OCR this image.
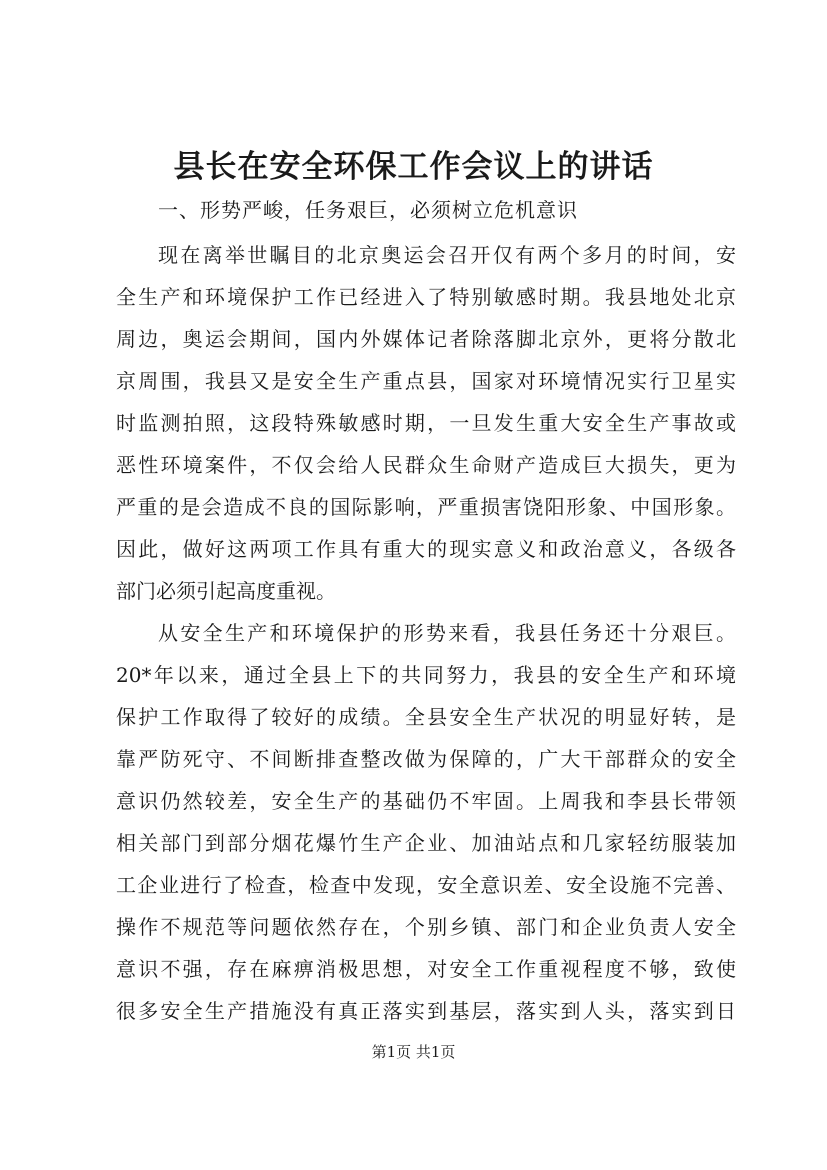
县长在安全环保工作会议上的讲话

一、形势严峻，任务艰巨，必须树立危机意识

现在离举世瞩目的北京奥运会召开仅有两个多月的时间，安

全生产和环境保护工作已经进入了特别敏感时期。我县地处北京

周边，奥运会期间，国内外媒体记者除落脚北京外，更将分散北

京周围，我县又是安全生产重点县，国家对环境情况实行卫星实

时监测拍照，这段特殊敏感时期，一旦发生重大安全生产事故或

恶性环境案件，不仅会给人民群众生命财产造成巨大损失，更为

严重的是会造成不良的国际影响，严重损害饶阳形象、中国形象。

因此，做好这两项工作具有重大的现实意义和政治意义，各级各

部门必须引起高度重视。

从安全生产和环境保护的形势来看，我县任务还十分艰巨。

20*年以来，通过全县上下的共同努力，我县的安全生产和环境

保护工作取得了较好的成绩。全县安全生产状况的明显好转，是

靠严防死守、不间断排查整改做为保障的，广大干部群众的安全

意识仍然较差，安全生产的基础仍不牢固。上周我和李县长带领

相关部门到部分烟花爆竹生产企业、加油站点和几家轻纺服装加

工企业进行了检查，检查中发现，安全意识差、安全设施不完善、

操作不规范等问题依然存在，个别乡镇、部门和企业负责人安全

意识不强，存在麻痹消极思想，对安全工作重视程度不够，致使

很多安全生产措施没有真正落实到基层，落实到人头，落实到日

第1页 共1页
